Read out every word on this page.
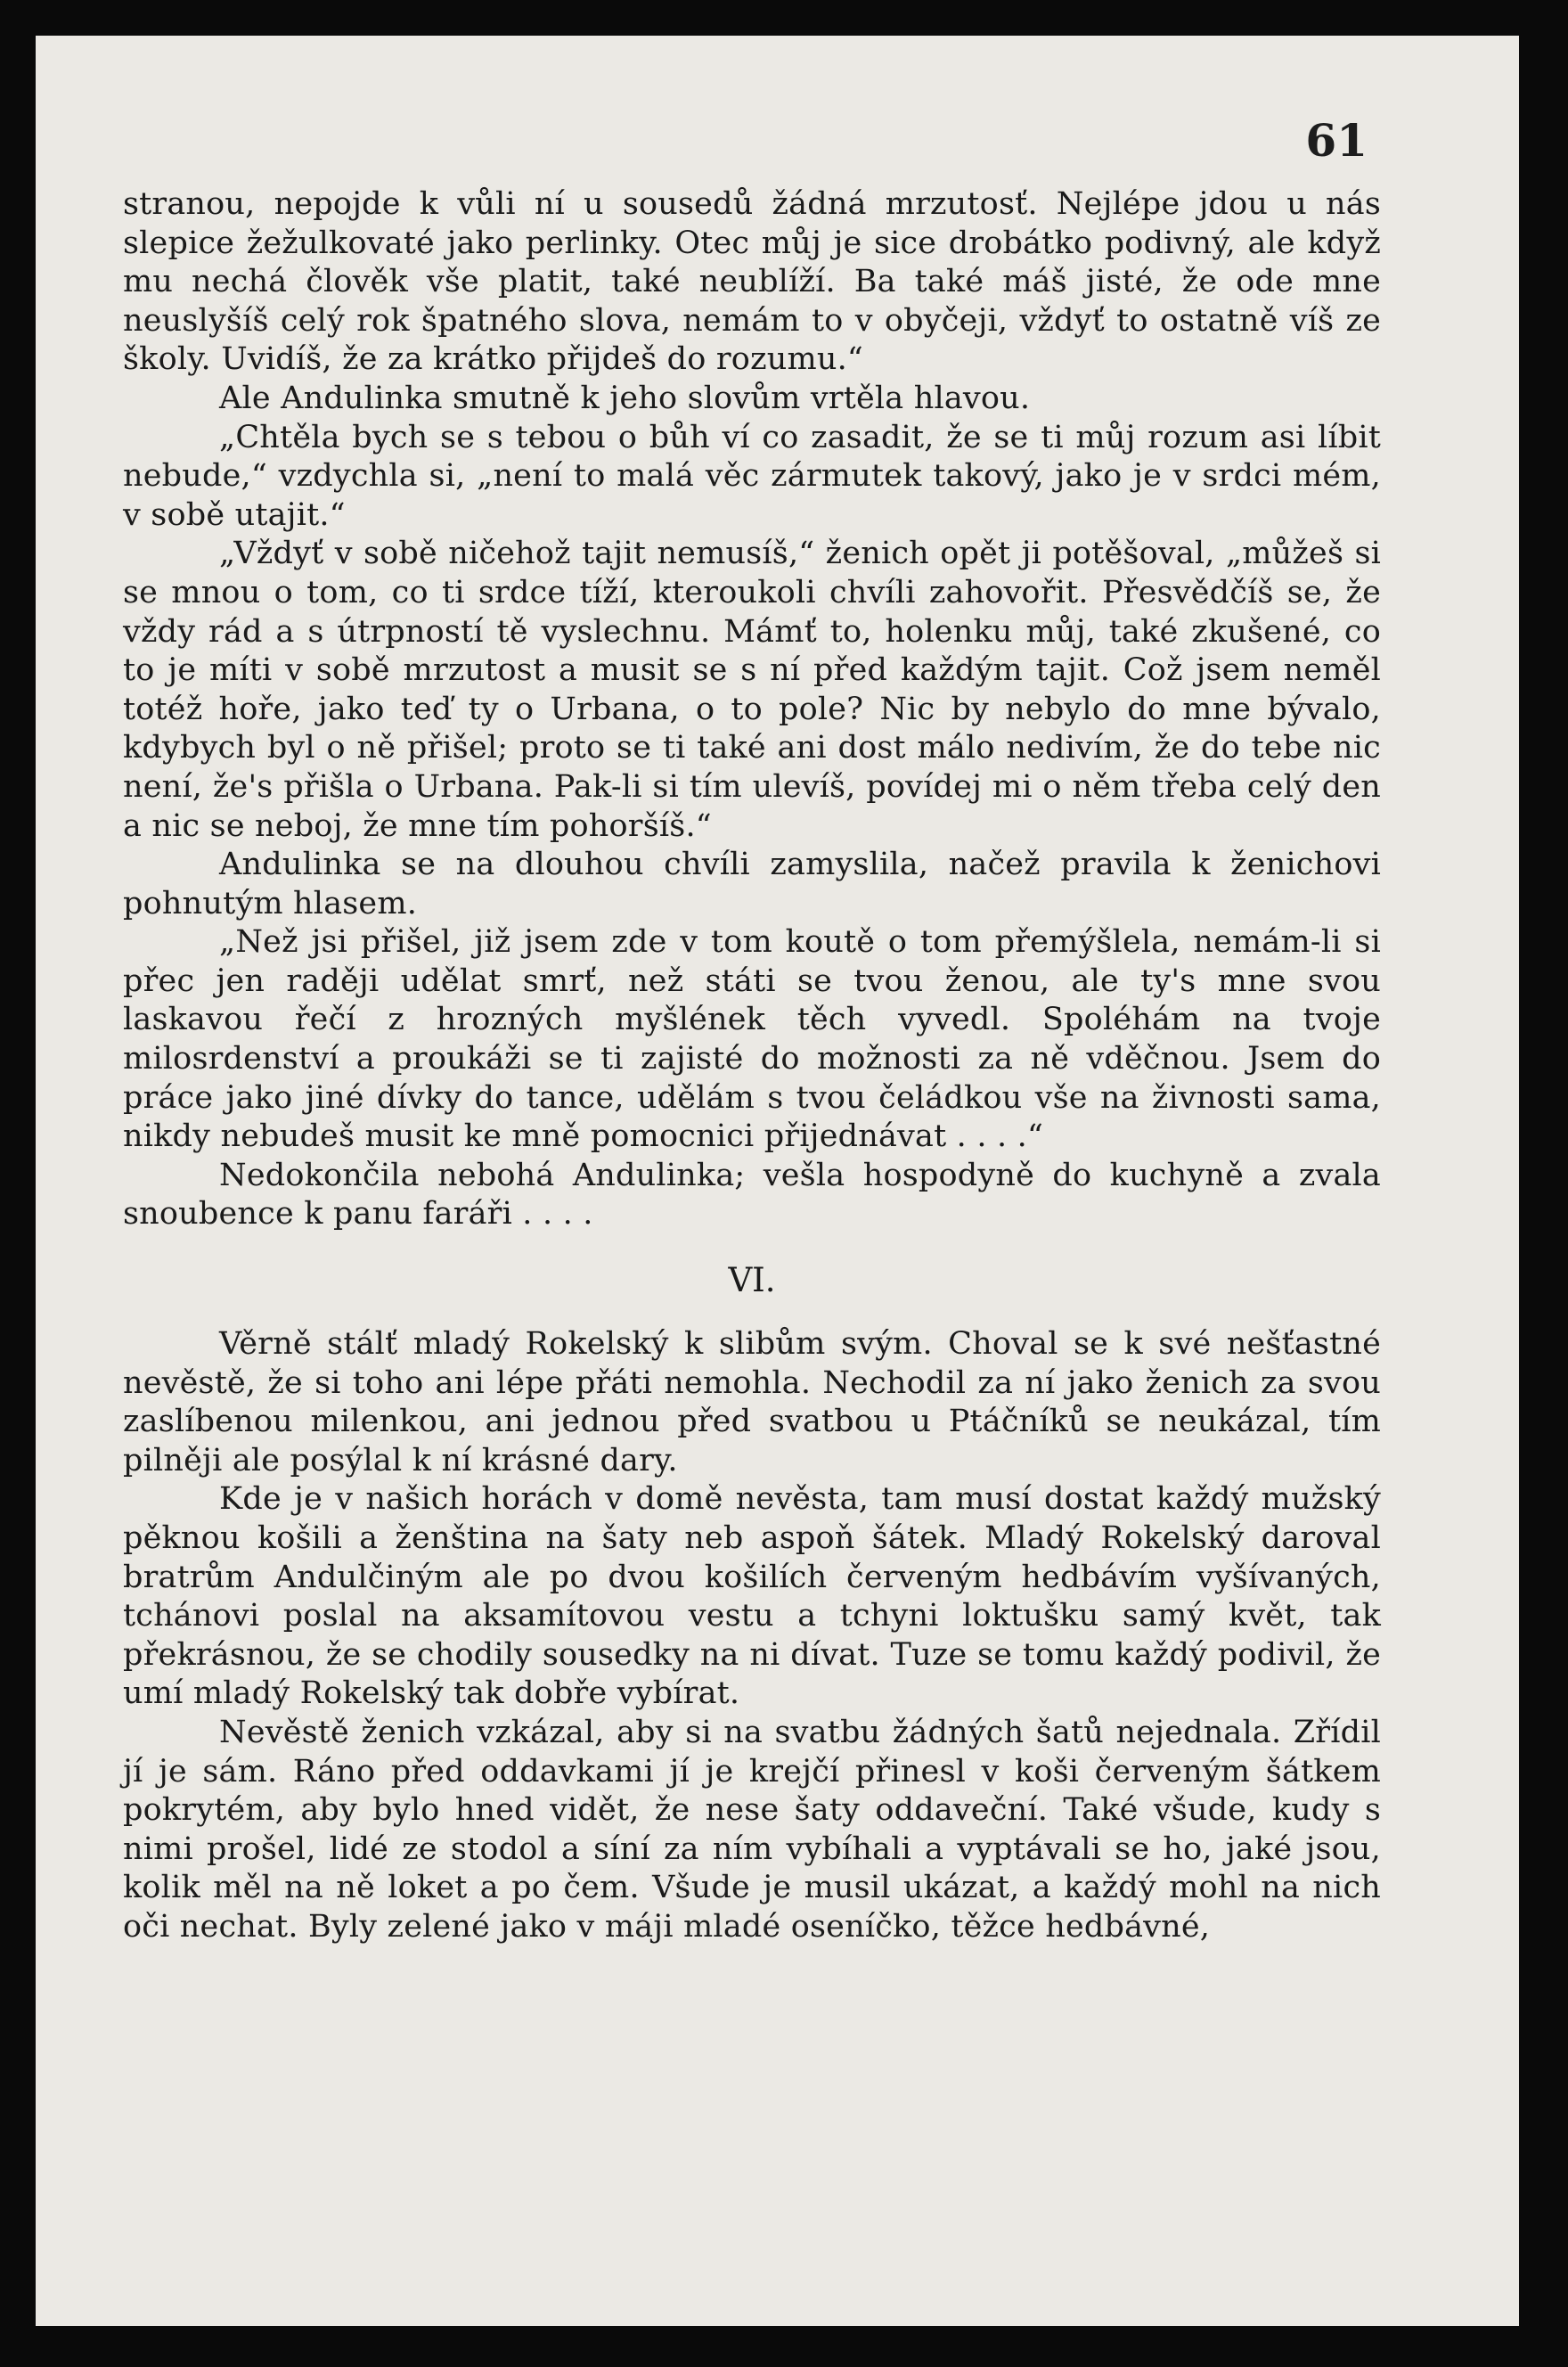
61

stranou, nepojde k vůli ní u sousedů žádná mrzutosť. Nejlépe jdou u nás slepice žežulkovaté jako perlinky. Otec můj je sice drobátko podivný, ale když mu nechá člověk vše platit, také neublíží. Ba také máš jisté, že ode mne neuslyšíš celý rok špatného slova, nemám to v obyčeji, vždyť to ostatně víš ze školy. Uvidíš, že za krátko přijdeš do rozumu.“

Ale Andulinka smutně k jeho slovům vrtěla hlavou.

„Chtěla bych se s tebou o bůh ví co zasadit, že se ti můj rozum asi líbit nebude,“ vzdychla si, „není to malá věc zármutek takový, jako je v srdci mém, v sobě utajit.“

„Vždyť v sobě ničehož tajit nemusíš,“ ženich opět ji potěšoval, „můžeš si se mnou o tom, co ti srdce tíží, kteroukoli chvíli zahovořit. Přesvědčíš se, že vždy rád a s útrpností tě vyslechnu. Mámť to, holenku můj, také zkušené, co to je míti v sobě mrzutost a musit se s ní před každým tajit. Což jsem neměl totéž hoře, jako teď ty o Urbana, o to pole? Nic by nebylo do mne bývalo, kdybych byl o ně přišel; proto se ti také ani dost málo nedivím, že do tebe nic není, že's přišla o Urbana. Pak-li si tím ulevíš, povídej mi o něm třeba celý den a nic se neboj, že mne tím pohoršíš.“

Andulinka se na dlouhou chvíli zamyslila, načež pravila k ženichovi pohnutým hlasem.

„Než jsi přišel, již jsem zde v tom koutě o tom přemýšlela, nemám-li si přec jen raději udělat smrť, než státi se tvou ženou, ale ty's mne svou laskavou řečí z hrozných myšlének těch vyvedl. Spoléhám na tvoje milosrdenství a proukáži se ti zajisté do možnosti za ně vděčnou. Jsem do práce jako jiné dívky do tance, udělám s tvou čeládkou vše na živnosti sama, nikdy nebudeš musit ke mně pomocnici přijednávat . . . .“

Nedokončila nebohá Andulinka; vešla hospodyně do kuchyně a zvala snoubence k panu faráři . . . .

VI.

Věrně stálť mladý Rokelský k slibům svým. Choval se k své nešťastné nevěstě, že si toho ani lépe přáti nemohla. Nechodil za ní jako ženich za svou zaslíbenou milenkou, ani jednou před svatbou u Ptáčníků se neukázal, tím pilněji ale posýlal k ní krásné dary.

Kde je v našich horách v domě nevěsta, tam musí dostat každý mužský pěknou košili a ženština na šaty neb aspoň šátek. Mladý Rokelský daroval bratrům Andulčiným ale po dvou košilích červeným hedbávím vyšívaných, tchánovi poslal na aksamítovou vestu a tchyni loktušku samý květ, tak překrásnou, že se chodily sousedky na ni dívat. Tuze se tomu každý podivil, že umí mladý Rokelský tak dobře vybírat.

Nevěstě ženich vzkázal, aby si na svatbu žádných šatů nejednala. Zřídil jí je sám. Ráno před oddavkami jí je krejčí přinesl v koši červeným šátkem pokrytém, aby bylo hned vidět, že nese šaty oddaveční. Také všude, kudy s nimi prošel, lidé ze stodol a síní za ním vybíhali a vyptávali se ho, jaké jsou, kolik měl na ně loket a po čem. Všude je musil ukázat, a každý mohl na nich oči nechat. Byly zelené jako v máji mladé oseníčko, těžce hedbávné,
